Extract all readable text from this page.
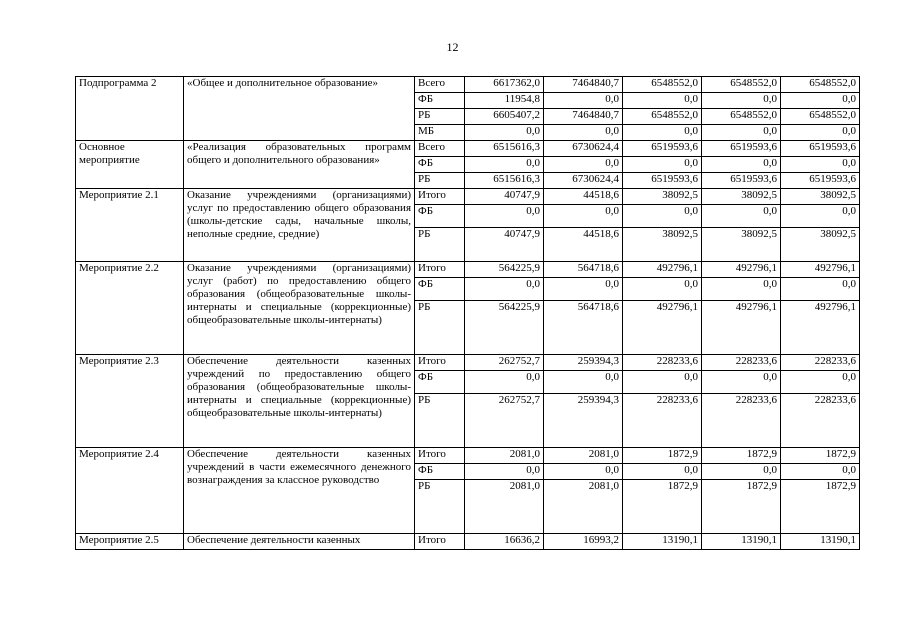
12
Подпрограмма 2	«Общее и дополнительное образование»	Всего	6617362,0	7464840,7	6548552,0	6548552,0	6548552,0
		ФБ	11954,8	0,0	0,0	0,0	0,0
		РБ	6605407,2	7464840,7	6548552,0	6548552,0	6548552,0
		МБ	0,0	0,0	0,0	0,0	0,0
Основное мероприятие	«Реализация образовательных программ общего и дополнительного образования»	Всего	6515616,3	6730624,4	6519593,6	6519593,6	6519593,6
		ФБ	0,0	0,0	0,0	0,0	0,0
		РБ	6515616,3	6730624,4	6519593,6	6519593,6	6519593,6
Мероприятие 2.1	Оказание учреждениями (организациями) услуг по предоставлению общего образования (школы-детские сады, начальные школы, неполные средние, средние)	Итого	40747,9	44518,6	38092,5	38092,5	38092,5
		ФБ	0,0	0,0	0,0	0,0	0,0
		РБ	40747,9	44518,6	38092,5	38092,5	38092,5
Мероприятие 2.2	Оказание учреждениями (организациями) услуг (работ) по предоставлению общего образования (общеобразовательные школы-интернаты и специальные (коррекционные) общеобразовательные школы-интернаты)	Итого	564225,9	564718,6	492796,1	492796,1	492796,1
		ФБ	0,0	0,0	0,0	0,0	0,0
		РБ	564225,9	564718,6	492796,1	492796,1	492796,1
Мероприятие 2.3	Обеспечение деятельности казенных учреждений по предоставлению общего образования (общеобразовательные школы-интернаты и специальные (коррекционные) общеобразовательные школы-интернаты)	Итого	262752,7	259394,3	228233,6	228233,6	228233,6
		ФБ	0,0	0,0	0,0	0,0	0,0
		РБ	262752,7	259394,3	228233,6	228233,6	228233,6
Мероприятие 2.4	Обеспечение деятельности казенных учреждений в части ежемесячного денежного вознаграждения за классное руководство	Итого	2081,0	2081,0	1872,9	1872,9	1872,9
		ФБ	0,0	0,0	0,0	0,0	0,0
		РБ	2081,0	2081,0	1872,9	1872,9	1872,9
Мероприятие 2.5	Обеспечение деятельности казенных	Итого	16636,2	16993,2	13190,1	13190,1	13190,1
